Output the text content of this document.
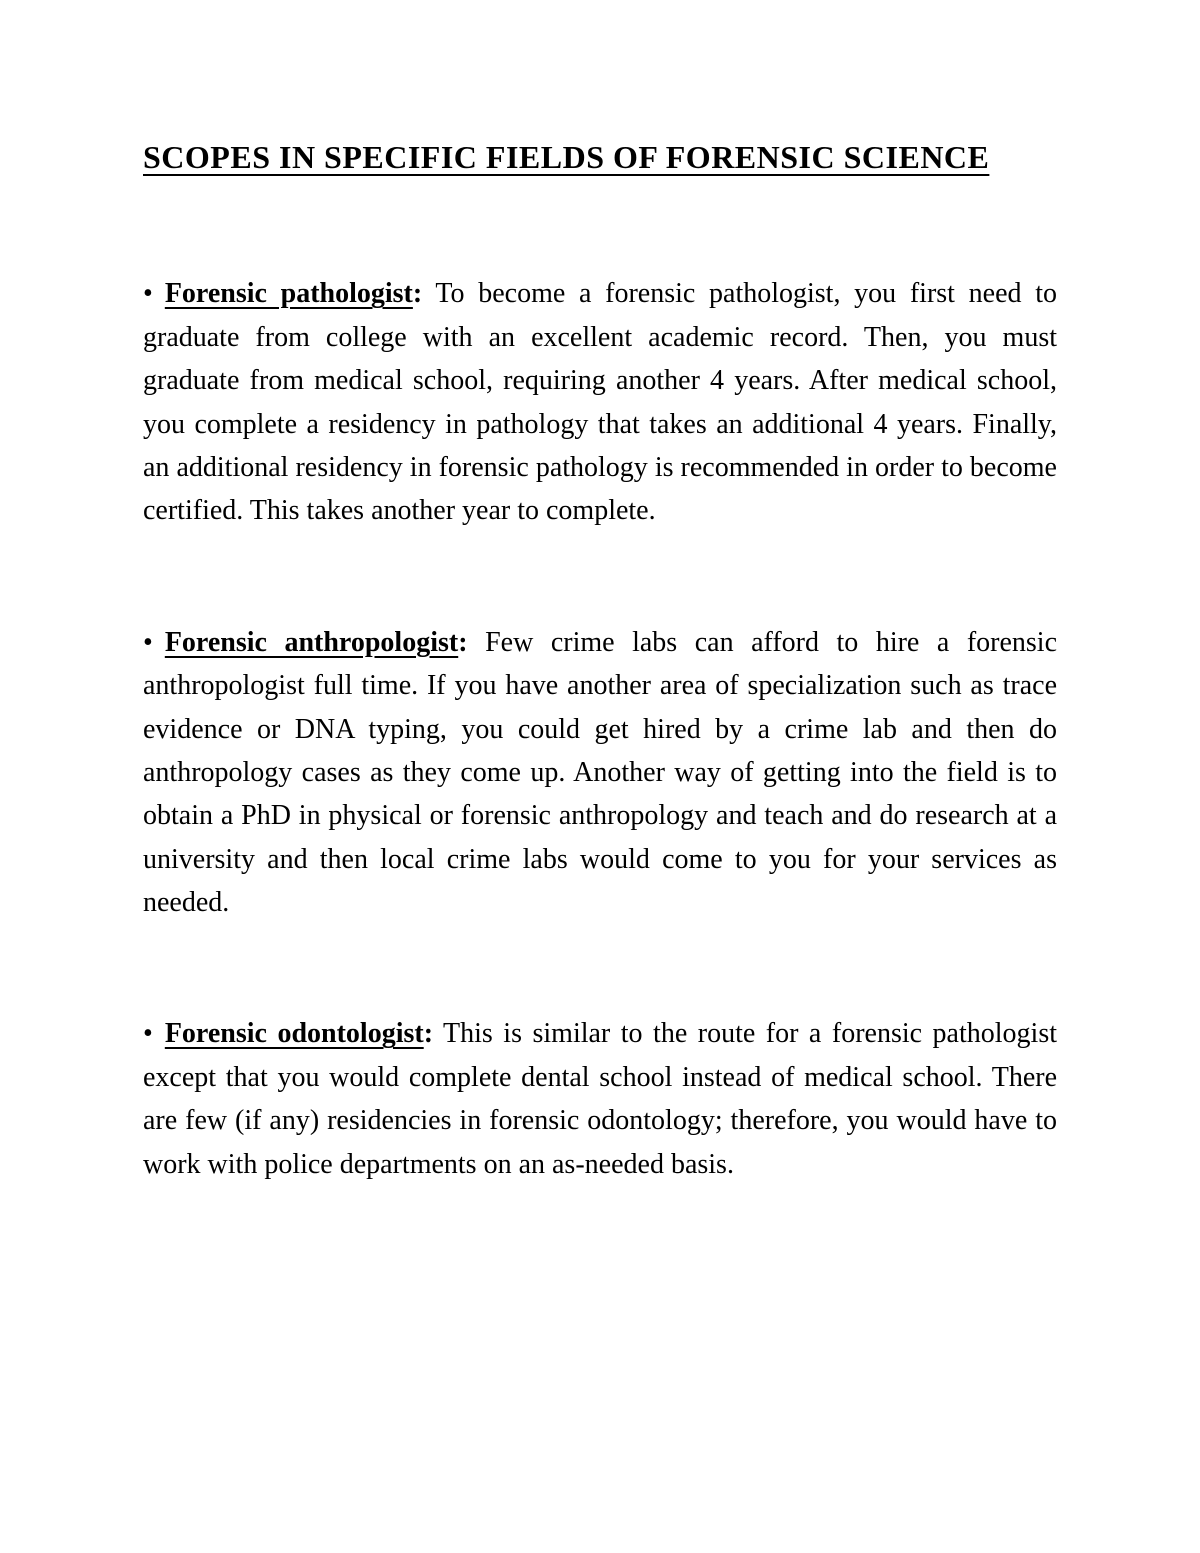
SCOPES IN SPECIFIC FIELDS OF FORENSIC SCIENCE

• Forensic pathologist: To become a forensic pathologist, you first need to graduate from college with an excellent academic record. Then, you must graduate from medical school, requiring another 4 years. After medical school, you complete a residency in pathology that takes an additional 4 years. Finally, an additional residency in forensic pathology is recommended in order to become certified. This takes another year to complete.

• Forensic anthropologist: Few crime labs can afford to hire a forensic anthropologist full time. If you have another area of specialization such as trace evidence or DNA typing, you could get hired by a crime lab and then do anthropology cases as they come up. Another way of getting into the field is to obtain a PhD in physical or forensic anthropology and teach and do research at a university and then local crime labs would come to you for your services as needed.

• Forensic odontologist: This is similar to the route for a forensic pathologist except that you would complete dental school instead of medical school. There are few (if any) residencies in forensic odontology; therefore, you would have to work with police departments on an as-needed basis.
